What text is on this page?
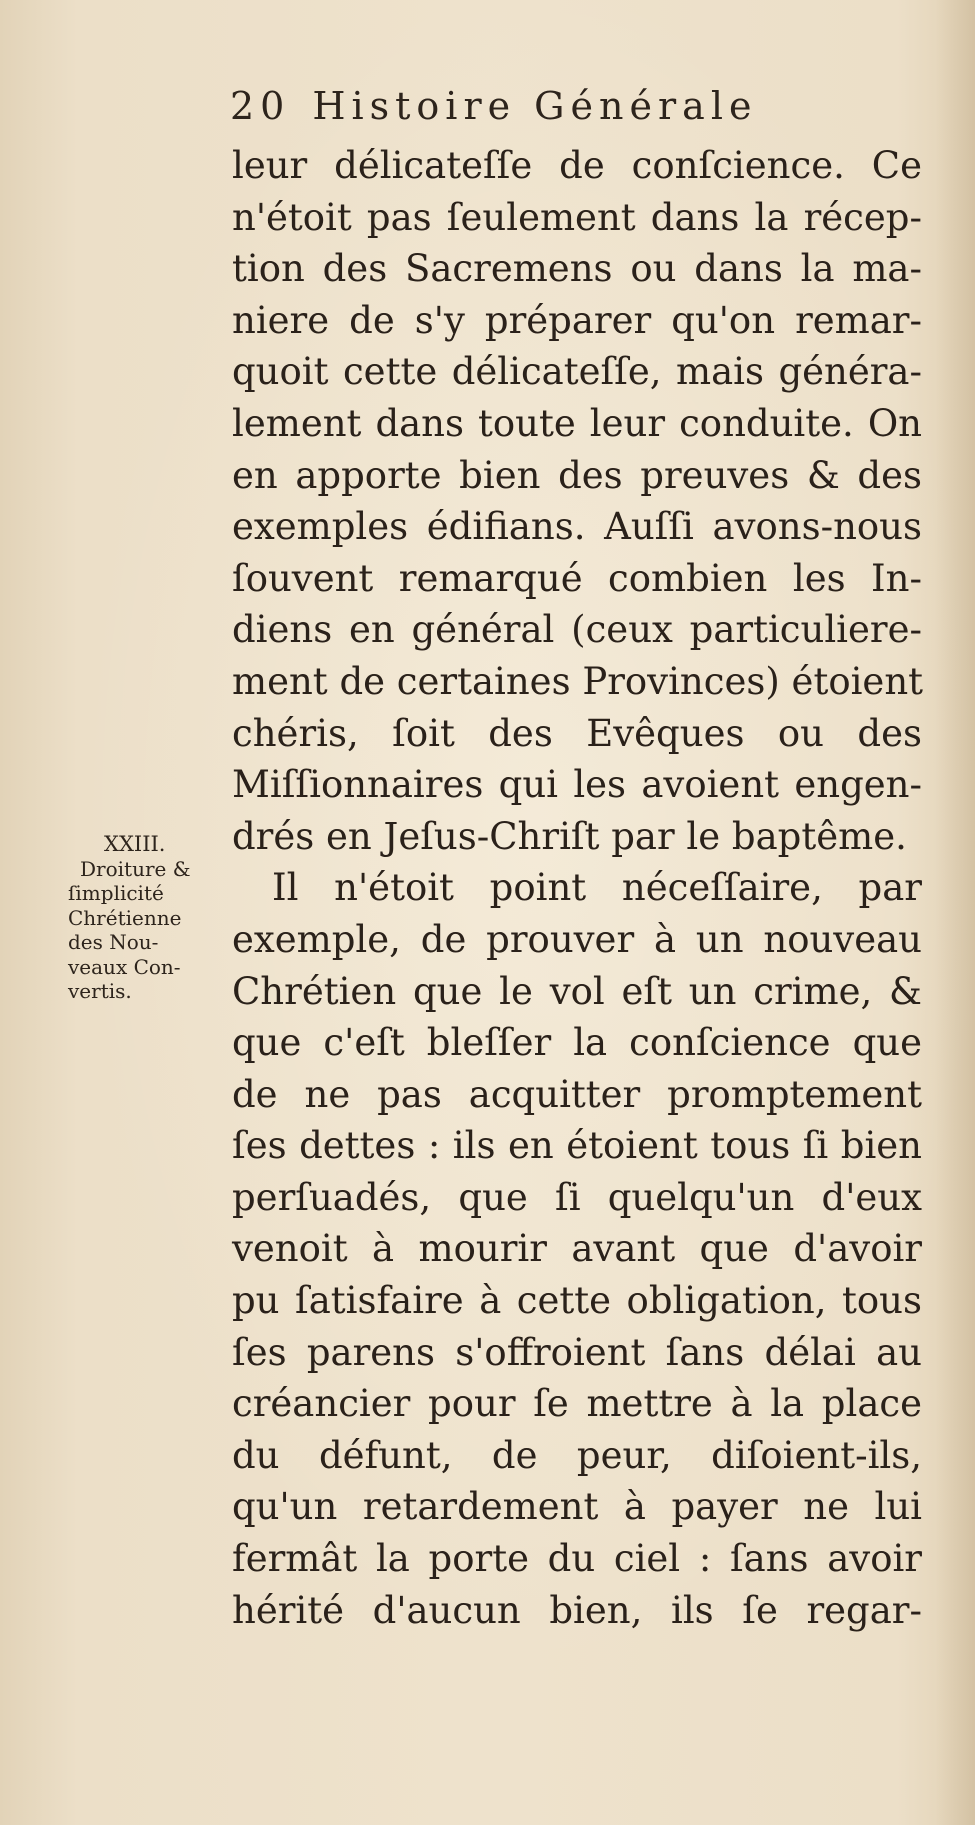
20 Histoire Générale
XXIII.
Droiture &
ſimplicité
Chrétienne
des Nou-
veaux Con-
vertis.
leur délicateſſe de conſcience. Ce
n'étoit pas ſeulement dans la récep-
tion des Sacremens ou dans la ma-
niere de s'y préparer qu'on remar-
quoit cette délicateſſe, mais généra-
lement dans toute leur conduite. On
en apporte bien des preuves & des
exemples édifians. Auſſi avons-nous
ſouvent remarqué combien les In-
diens en général (ceux particuliere-
ment de certaines Provinces) étoient
chéris, ſoit des Evêques ou des
Miſſionnaires qui les avoient engen-
drés en Jeſus-Chriſt par le baptême.
Il n'étoit point néceſſaire, par
exemple, de prouver à un nouveau
Chrétien que le vol eſt un crime, &
que c'eſt bleſſer la conſcience que
de ne pas acquitter promptement
ſes dettes : ils en étoient tous ſi bien
perſuadés, que ſi quelqu'un d'eux
venoit à mourir avant que d'avoir
pu ſatisfaire à cette obligation, tous
ſes parens s'offroient ſans délai au
créancier pour ſe mettre à la place
du défunt, de peur, diſoient-ils,
qu'un retardement à payer ne lui
fermât la porte du ciel : ſans avoir
hérité d'aucun bien, ils ſe regar-
